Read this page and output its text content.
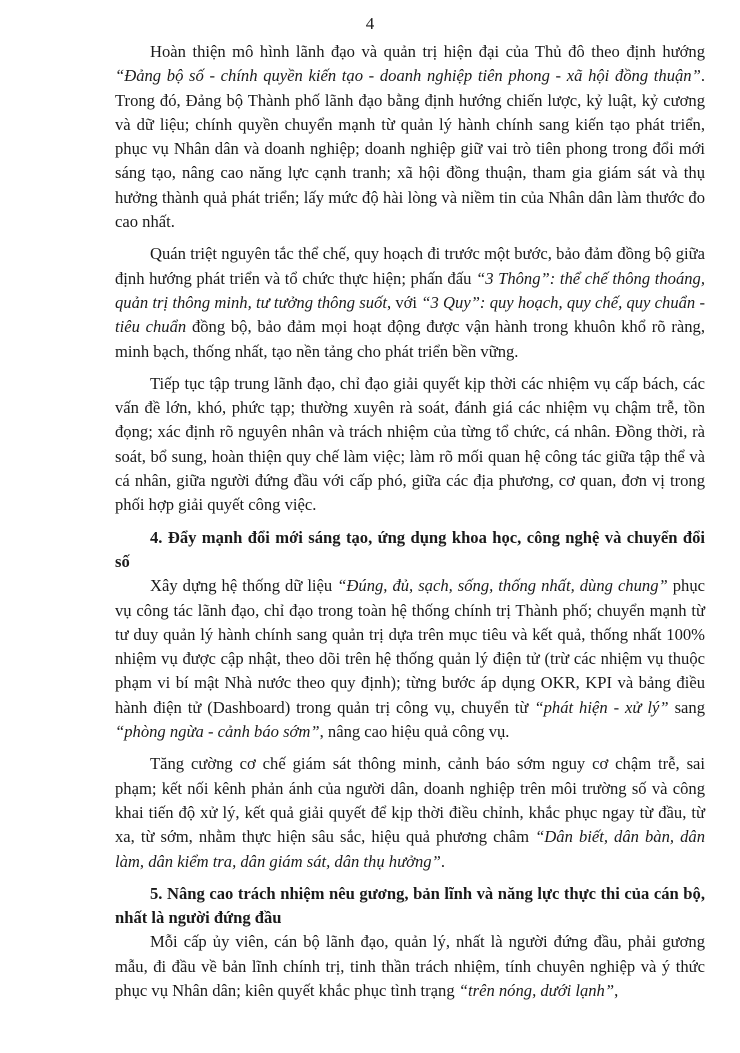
4

Hoàn thiện mô hình lãnh đạo và quản trị hiện đại của Thủ đô theo định hướng “Đảng bộ số - chính quyền kiến tạo - doanh nghiệp tiên phong - xã hội đồng thuận”. Trong đó, Đảng bộ Thành phố lãnh đạo bằng định hướng chiến lược, kỷ luật, kỷ cương và dữ liệu; chính quyền chuyển mạnh từ quản lý hành chính sang kiến tạo phát triển, phục vụ Nhân dân và doanh nghiệp; doanh nghiệp giữ vai trò tiên phong trong đổi mới sáng tạo, nâng cao năng lực cạnh tranh; xã hội đồng thuận, tham gia giám sát và thụ hưởng thành quả phát triển; lấy mức độ hài lòng và niềm tin của Nhân dân làm thước đo cao nhất.

Quán triệt nguyên tắc thể chế, quy hoạch đi trước một bước, bảo đảm đồng bộ giữa định hướng phát triển và tổ chức thực hiện; phấn đấu “3 Thông”: thể chế thông thoáng, quản trị thông minh, tư tưởng thông suốt, với “3 Quy”: quy hoạch, quy chế, quy chuẩn - tiêu chuẩn đồng bộ, bảo đảm mọi hoạt động được vận hành trong khuôn khổ rõ ràng, minh bạch, thống nhất, tạo nền tảng cho phát triển bền vững.

Tiếp tục tập trung lãnh đạo, chỉ đạo giải quyết kịp thời các nhiệm vụ cấp bách, các vấn đề lớn, khó, phức tạp; thường xuyên rà soát, đánh giá các nhiệm vụ chậm trễ, tồn đọng; xác định rõ nguyên nhân và trách nhiệm của từng tổ chức, cá nhân. Đồng thời, rà soát, bổ sung, hoàn thiện quy chế làm việc; làm rõ mối quan hệ công tác giữa tập thể và cá nhân, giữa người đứng đầu với cấp phó, giữa các địa phương, cơ quan, đơn vị trong phối hợp giải quyết công việc.

4. Đẩy mạnh đổi mới sáng tạo, ứng dụng khoa học, công nghệ và chuyển đổi số

Xây dựng hệ thống dữ liệu “Đúng, đủ, sạch, sống, thống nhất, dùng chung” phục vụ công tác lãnh đạo, chỉ đạo trong toàn hệ thống chính trị Thành phố; chuyển mạnh từ tư duy quản lý hành chính sang quản trị dựa trên mục tiêu và kết quả, thống nhất 100% nhiệm vụ được cập nhật, theo dõi trên hệ thống quản lý điện tử (trừ các nhiệm vụ thuộc phạm vi bí mật Nhà nước theo quy định); từng bước áp dụng OKR, KPI và bảng điều hành điện tử (Dashboard) trong quản trị công vụ, chuyển từ “phát hiện - xử lý” sang “phòng ngừa - cảnh báo sớm”, nâng cao hiệu quả công vụ.

Tăng cường cơ chế giám sát thông minh, cảnh báo sớm nguy cơ chậm trễ, sai phạm; kết nối kênh phản ánh của người dân, doanh nghiệp trên môi trường số và công khai tiến độ xử lý, kết quả giải quyết để kịp thời điều chỉnh, khắc phục ngay từ đầu, từ xa, từ sớm, nhằm thực hiện sâu sắc, hiệu quả phương châm “Dân biết, dân bàn, dân làm, dân kiểm tra, dân giám sát, dân thụ hưởng”.

5. Nâng cao trách nhiệm nêu gương, bản lĩnh và năng lực thực thi của cán bộ, nhất là người đứng đầu

Mỗi cấp ủy viên, cán bộ lãnh đạo, quản lý, nhất là người đứng đầu, phải gương mẫu, đi đầu về bản lĩnh chính trị, tinh thần trách nhiệm, tính chuyên nghiệp và ý thức phục vụ Nhân dân; kiên quyết khắc phục tình trạng “trên nóng, dưới lạnh”,
